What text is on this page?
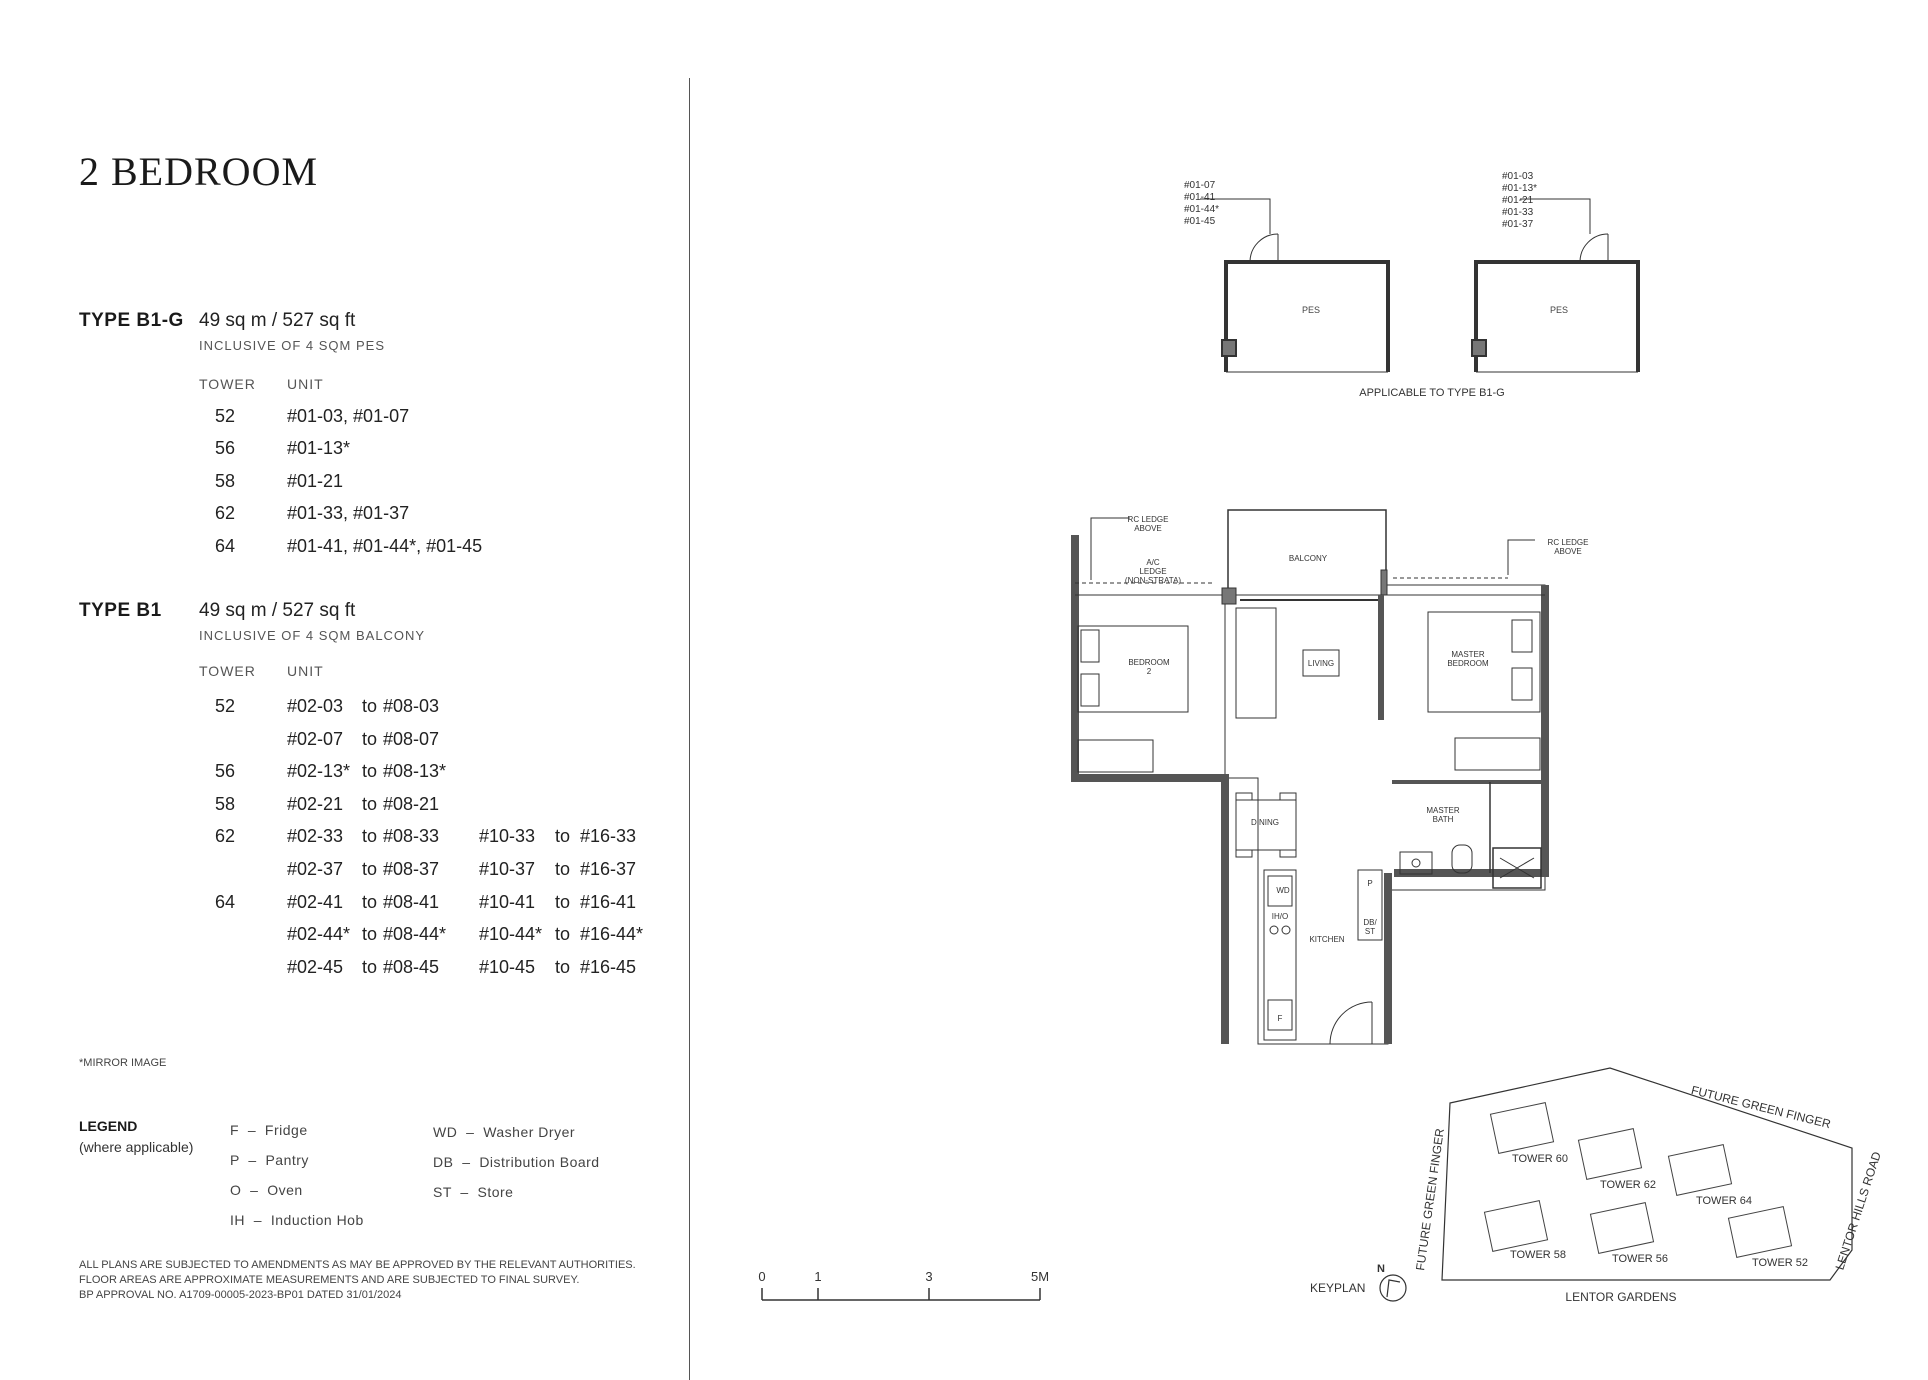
2 BEDROOM
TYPE B1-G 49 sq m / 527 sq ft
INCLUSIVE OF 4 SQM PES
TOWER UNIT
52	#01-03, #01-07
56	#01-13*
58	#01-21
62	#01-33, #01-37
64	#01-41, #01-44*, #01-45
TYPE B1 49 sq m / 527 sq ft
INCLUSIVE OF 4 SQM BALCONY
TOWER UNIT
52	#02-03 to #08-03
#02-07 to #08-07
56	#02-13* to #08-13*
58	#02-21 to #08-21
62	#02-33 to #08-33 #10-33 to #16-33
#02-37 to #08-37 #10-37 to #16-37
64	#02-41 to #08-41 #10-41 to #16-41
#02-44* to #08-44* #10-44* to #16-44*
#02-45 to #08-45 #10-45 to #16-45
*MIRROR IMAGE
LEGEND
(where applicable)
F  –  Fridge
P  –  Pantry
O  –  Oven
IH  –  Induction Hob
WD  –  Washer Dryer
DB  –  Distribution Board
ST  –  Store
ALL PLANS ARE SUBJECTED TO AMENDMENTS AS MAY BE APPROVED BY THE RELEVANT AUTHORITIES.
FLOOR AREAS ARE APPROXIMATE MEASUREMENTS AND ARE SUBJECTED TO FINAL SURVEY.
BP APPROVAL NO. A1709-00005-2023-BP01 DATED 31/01/2024
PES	PES
#01-07
#01-41
#01-44*
#01-45
#01-03
#01-13*
#01-21
#01-33
#01-37
APPLICABLE TO TYPE B1-G
RC LEDGE
ABOVE
RC LEDGE
ABOVE
A/C
LEDGE
(NON-STRATA)
BALCONY
BEDROOM
2
LIVING
MASTER
BEDROOM
DINING
MASTER
BATH
KITCHEN
WD
IH/O
P
DB/
ST
F
0	1	3	5M
TOWER 60
TOWER 62
TOWER 64
TOWER 58	TOWER 56	TOWER 52
FUTURE GREEN FINGER
FUTURE GREEN FINGER	LENTOR HILLS ROAD
LENTOR GARDENS
KEYPLAN
N
